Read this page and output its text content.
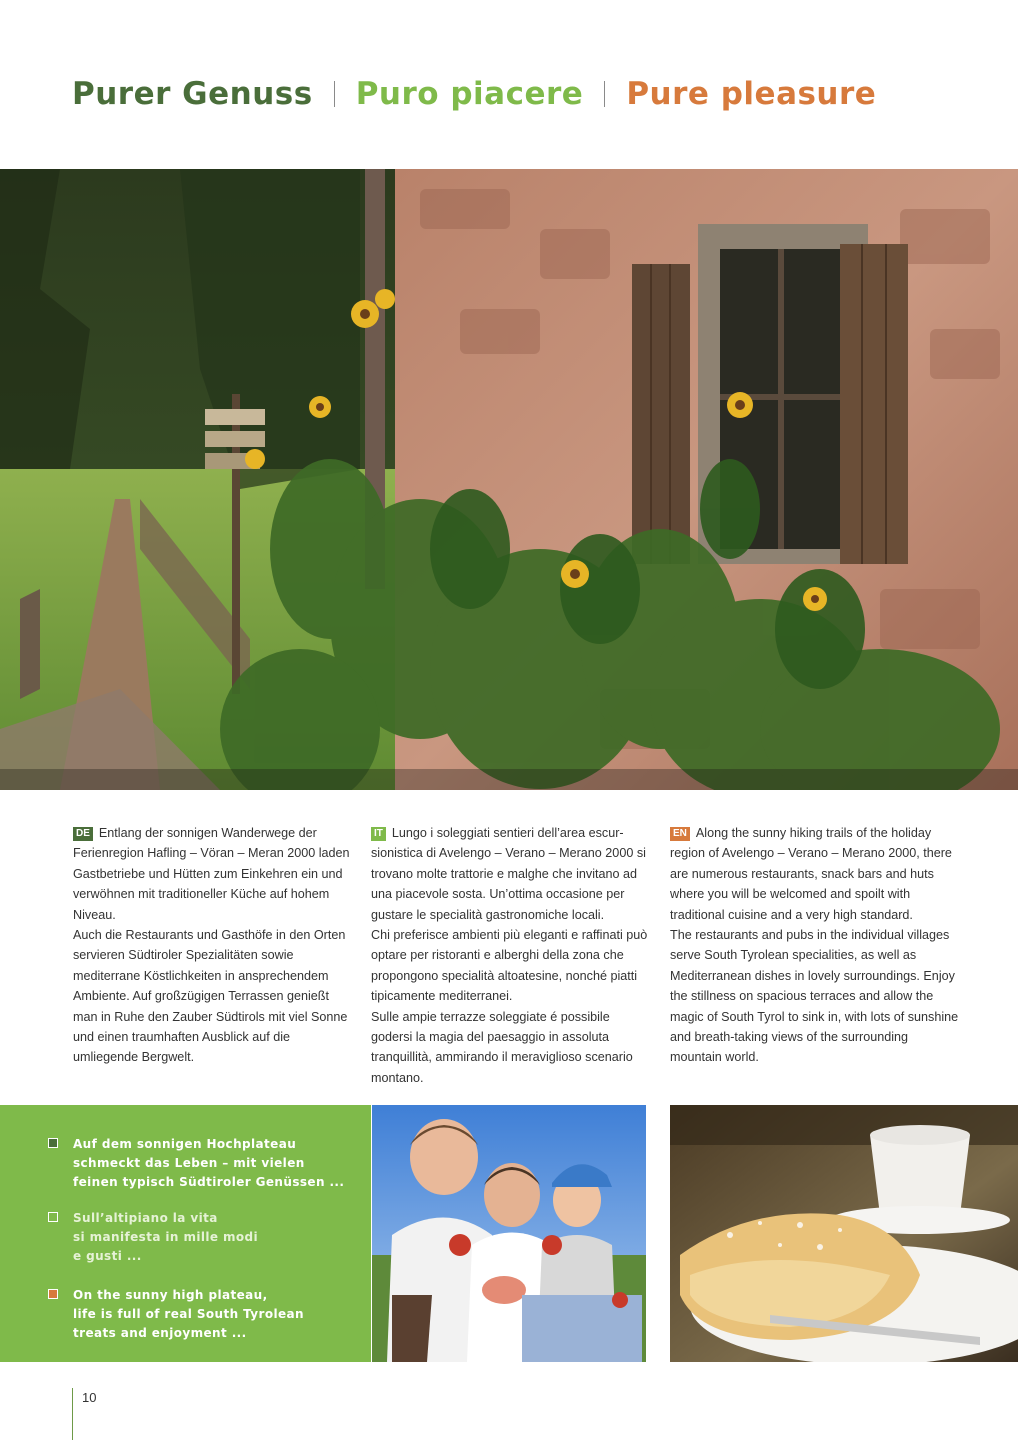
Purer Genuss Puro piacere Pure pleasure

DE Entlang der sonnigen Wanderwege der Ferienregion Hafling – Vöran – Meran 2000 laden Gastbetriebe und Hütten zum Einkehren ein und verwöhnen mit traditioneller Küche auf hohem Niveau.

Auch die Restaurants und Gasthöfe in den Orten servieren Südtiroler Spezialitäten sowie mediterrane Köstlichkeiten in ansprechendem Ambiente. Auf großzügigen Terrassen genießt man in Ruhe den Zauber Südtirols mit viel Sonne und einen traumhaften Ausblick auf die umliegende Bergwelt.

IT Lungo i soleggiati sentieri dell’area escur-sionistica di Avelengo – Verano – Merano 2000 si trovano molte trattorie e malghe che invitano ad una piacevole sosta. Un’ottima occasione per gustare le specialità gastronomiche locali.

Chi preferisce ambienti più eleganti e raffinati può optare per ristoranti e alberghi della zona che propongono specialità altoatesine, nonché piatti tipicamente mediterranei.

Sulle ampie terrazze soleggiate é possibile godersi la magia del paesaggio in assoluta tranquillità, ammirando il meraviglioso scenario montano.

EN Along the sunny hiking trails of the holiday region of Avelengo – Verano – Merano 2000, there are numerous restaurants, snack bars and huts where you will be welcomed and spoilt with traditional cuisine and a very high standard.

The restaurants and pubs in the individual villages serve South Tyrolean specialities, as well as Mediterranean dishes in lovely surroundings. Enjoy the stillness on spacious terraces and allow the magic of South Tyrol to sink in, with lots of sunshine and breath-taking views of the surrounding mountain world.

Auf dem sonnigen Hochplateau
schmeckt das Leben – mit vielen
feinen typisch Südtiroler Genüssen ...
Sull’altipiano la vita
si manifesta in mille modi
e gusti ...
On the sunny high plateau,
life is full of real South Tyrolean
treats and enjoyment ...
10
